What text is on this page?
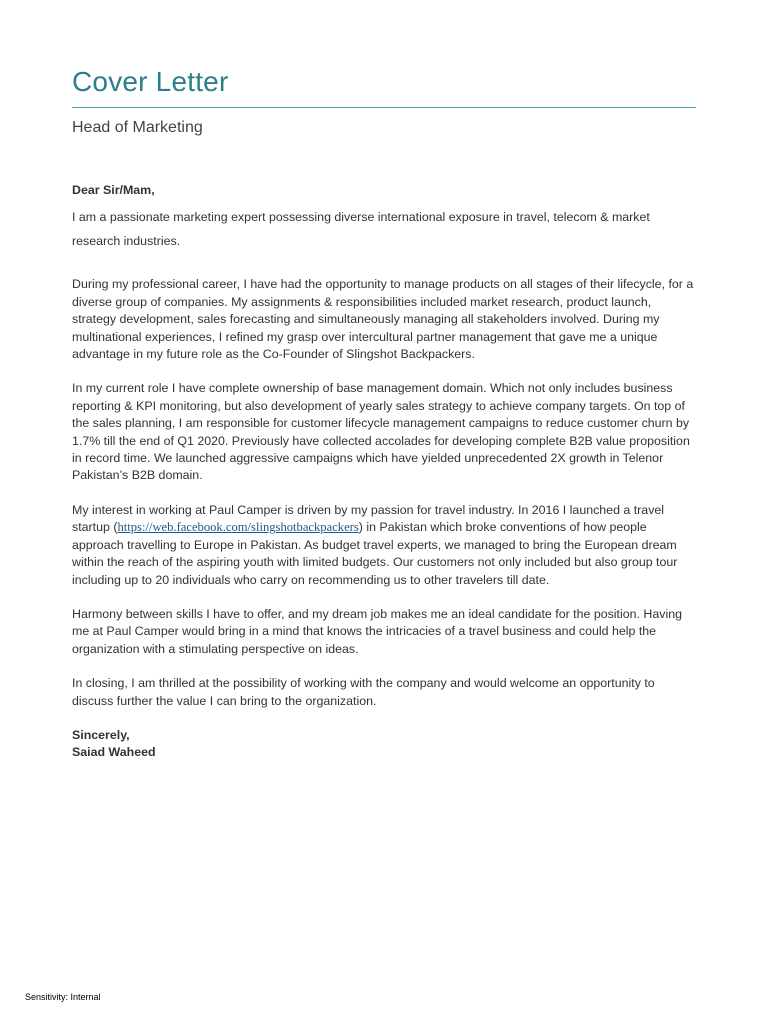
Cover Letter
Head of Marketing

Dear Sir/Mam,

I am a passionate marketing expert possessing diverse international exposure in travel, telecom & market research industries.

During my professional career, I have had the opportunity to manage products on all stages of their lifecycle, for a diverse group of companies. My assignments & responsibilities included market research, product launch, strategy development, sales forecasting and simultaneously managing all stakeholders involved. During my multinational experiences, I refined my grasp over intercultural partner management that gave me a unique advantage in my future role as the Co-Founder of Slingshot Backpackers.

In my current role I have complete ownership of base management domain. Which not only includes business reporting & KPI monitoring, but also development of yearly sales strategy to achieve company targets. On top of the sales planning, I am responsible for customer lifecycle management campaigns to reduce customer churn by 1.7% till the end of Q1 2020. Previously have collected accolades for developing complete B2B value proposition in record time. We launched aggressive campaigns which have yielded unprecedented 2X growth in Telenor Pakistan’s B2B domain.

My interest in working at Paul Camper is driven by my passion for travel industry. In 2016 I launched a travel startup (https://web.facebook.com/slingshotbackpackers) in Pakistan which broke conventions of how people approach travelling to Europe in Pakistan. As budget travel experts, we managed to bring the European dream within the reach of the aspiring youth with limited budgets. Our customers not only included but also group tour including up to 20 individuals who carry on recommending us to other travelers till date.

Harmony between skills I have to offer, and my dream job makes me an ideal candidate for the position. Having me at Paul Camper would bring in a mind that knows the intricacies of a travel business and could help the organization with a stimulating perspective on ideas.

In closing, I am thrilled at the possibility of working with the company and would welcome an opportunity to discuss further the value I can bring to the organization.

Sincerely,

Saiad Waheed

Sensitivity: Internal
